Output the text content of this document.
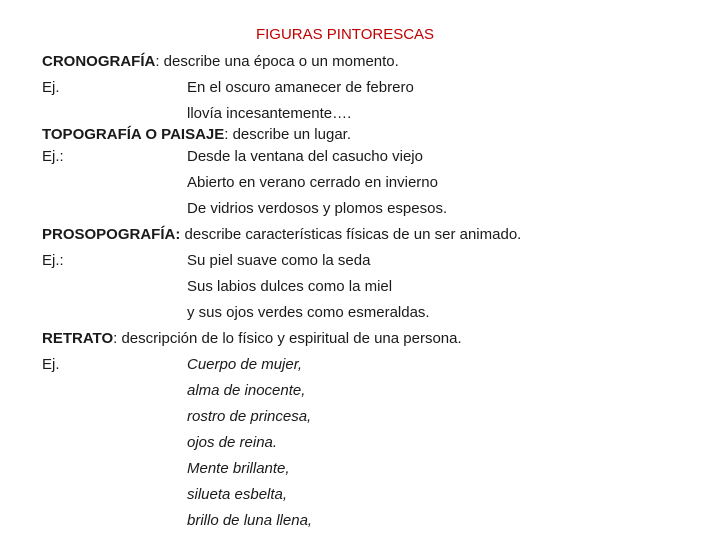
FIGURAS PINTORESCAS
CRONOGRAFÍA: describe una época o un momento.
Ej.	En el oscuro amanecer de febrero
llovía incesantemente….
TOPOGRAFÍA O PAISAJE: describe un lugar.
Ej.:	Desde la ventana del casucho viejo
Abierto en verano cerrado en invierno
De vidrios verdosos y plomos espesos.
PROSOPOGRAFÍA: describe características físicas de un ser animado.
Ej.:	Su piel suave como la seda
Sus labios dulces como la miel
y sus ojos verdes como esmeraldas.
RETRATO: descripción de lo físico y espiritual de una persona.
Ej.	Cuerpo de mujer,
alma de inocente,
rostro de princesa,
ojos de reina.
Mente brillante,
silueta esbelta,
brillo de luna llena,
